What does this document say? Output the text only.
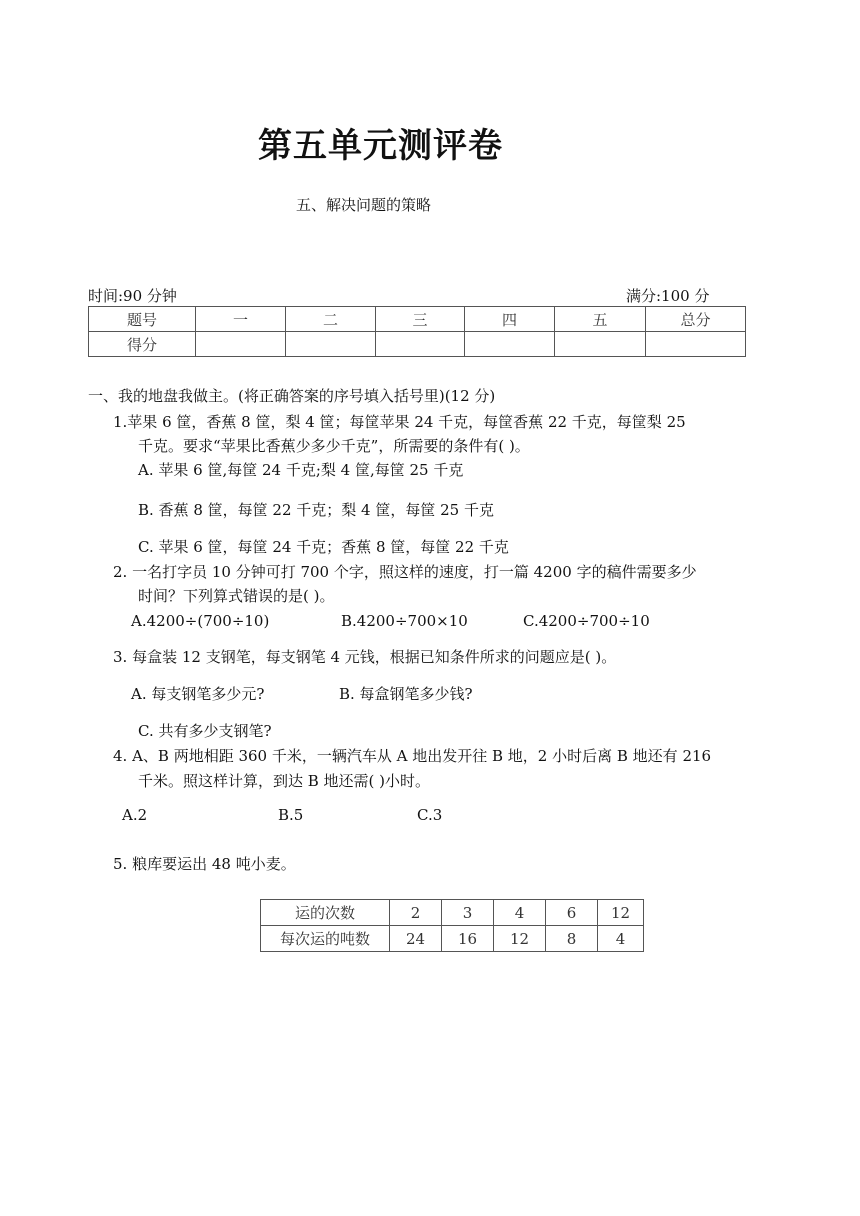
第五单元测评卷
五、解决问题的策略
时间:90 分钟	满分:100 分
题号	一	二	三	四	五	总分
得分						
一、我的地盘我做主。(将正确答案的序号填入括号里)(12 分)
1.苹果 6 筐，香蕉 8 筐，梨 4 筐；每筐苹果 24 千克，每筐香蕉 22 千克，每筐梨 25
千克。要求“苹果比香蕉少多少千克”，所需要的条件有( )。
A. 苹果 6 筐,每筐 24 千克;梨 4 筐,每筐 25 千克
B. 香蕉 8 筐，每筐 22 千克；梨 4 筐，每筐 25 千克
C. 苹果 6 筐，每筐 24 千克；香蕉 8 筐，每筐 22 千克
2. 一名打字员 10 分钟可打 700 个字，照这样的速度，打一篇 4200 字的稿件需要多少
时间？下列算式错误的是( )。
A.4200÷(700÷10)	B.4200÷700×10	C.4200÷700÷10
3. 每盒装 12 支钢笔，每支钢笔 4 元钱，根据已知条件所求的问题应是( )。
A. 每支钢笔多少元?	B. 每盒钢笔多少钱?
C. 共有多少支钢笔?
4. A、B 两地相距 360 千米，一辆汽车从 A 地出发开往 B 地，2 小时后离 B 地还有 216
千米。照这样计算，到达 B 地还需( )小时。
A.2	B.5	C.3
5. 粮库要运出 48 吨小麦。
运的次数	2	3	4	6	12
每次运的吨数	24	16	12	8	4
